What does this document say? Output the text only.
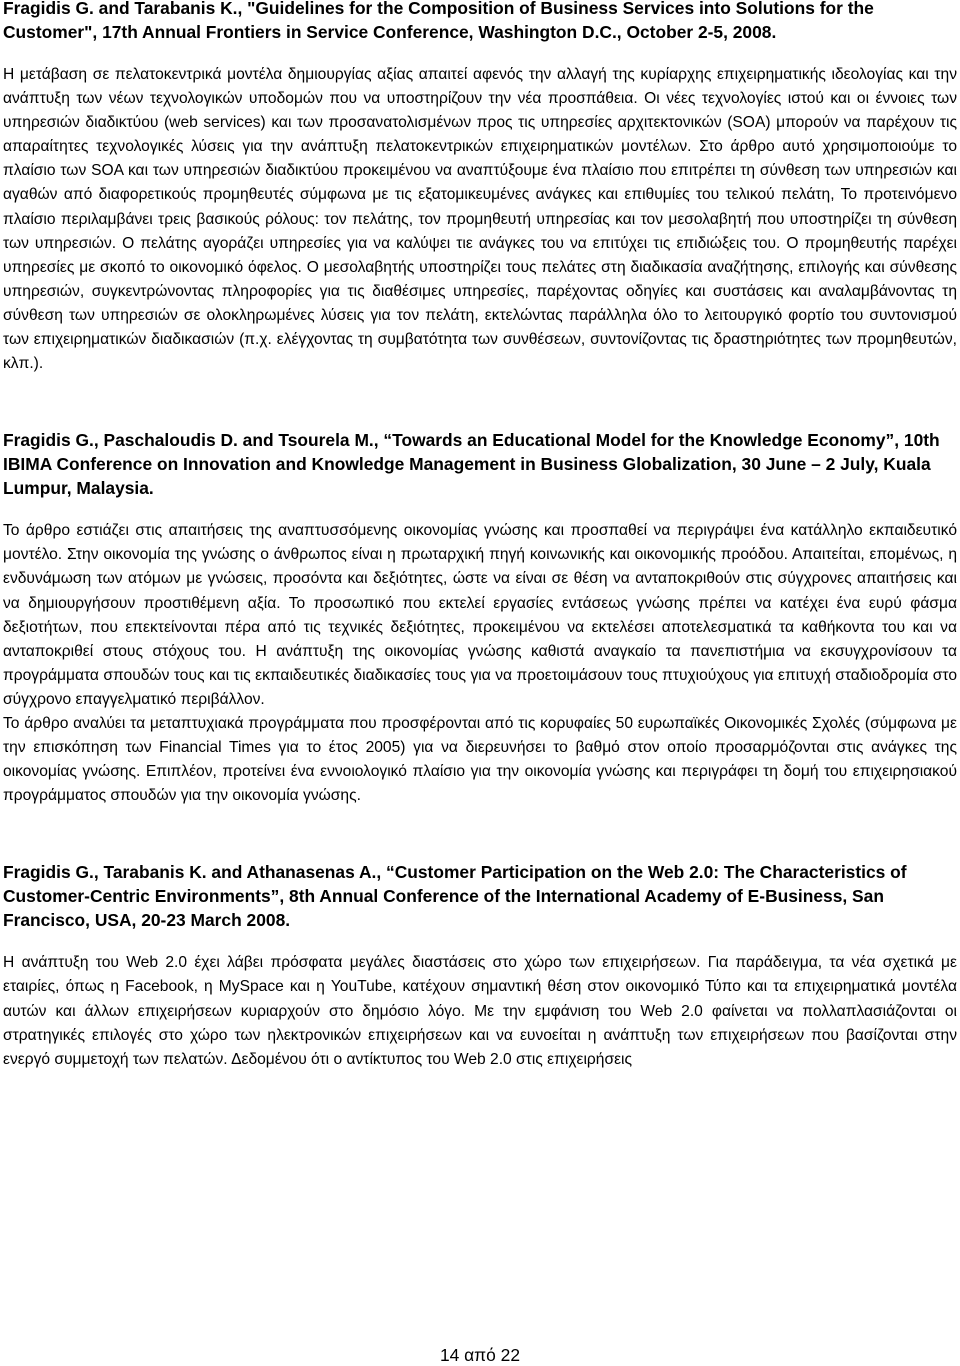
Fragidis G. and Tarabanis K., "Guidelines for the Composition of Business Services into Solutions for the Customer", 17th Annual Frontiers in Service Conference, Washington D.C., October 2-5, 2008.

Η μετάβαση σε πελατοκεντρικά μοντέλα δημιουργίας αξίας απαιτεί αφενός την αλλαγή της κυρίαρχης επιχειρηματικής ιδεολογίας και την ανάπτυξη των νέων τεχνολογικών υποδομών που να υποστηρίζουν την νέα προσπάθεια. Οι νέες τεχνολογίες ιστού και οι έννοιες των υπηρεσιών διαδικτύου (web services) και των προσανατολισμένων προς τις υπηρεσίες αρχιτεκτονικών (SOA) μπορούν να παρέχουν τις απαραίτητες τεχνολογικές λύσεις για την ανάπτυξη πελατοκεντρικών επιχειρηματικών μοντέλων. Στο άρθρο αυτό χρησιμοποιούμε το πλαίσιο των SOA και των υπηρεσιών διαδικτύου προκειμένου να αναπτύξουμε ένα πλαίσιο που επιτρέπει τη σύνθεση των υπηρεσιών και αγαθών από διαφορετικούς προμηθευτές σύμφωνα με τις εξατομικευμένες ανάγκες και επιθυμίες του τελικού πελάτη, Το προτεινόμενο πλαίσιο περιλαμβάνει τρεις βασικούς ρόλους: τον πελάτης, τον προμηθευτή υπηρεσίας και τον μεσολαβητή που υποστηρίζει τη σύνθεση των υπηρεσιών. Ο πελάτης αγοράζει υπηρεσίες για να καλύψει τιε ανάγκες του να επιτύχει τις επιδιώξεις του. Ο προμηθευτής παρέχει υπηρεσίες με σκοπό το οικονομικό όφελος. Ο μεσολαβητής υποστηρίζει τους πελάτες στη διαδικασία αναζήτησης, επιλογής και σύνθεσης υπηρεσιών, συγκεντρώνοντας πληροφορίες για τις διαθέσιμες υπηρεσίες, παρέχοντας οδηγίες και συστάσεις και αναλαμβάνοντας τη σύνθεση των υπηρεσιών σε ολοκληρωμένες λύσεις για τον πελάτη, εκτελώντας παράλληλα όλο το λειτουργικό φορτίο του συντονισμού των επιχειρηματικών διαδικασιών (π.χ. ελέγχοντας τη συμβατότητα των συνθέσεων, συντονίζοντας τις δραστηριότητες των προμηθευτών, κλπ.).

Fragidis G., Paschaloudis D. and Tsourela M., “Towards an Educational Model for the Knowledge Economy”, 10th IBIMA Conference on Innovation and Knowledge Management in Business Globalization, 30 June – 2 July, Kuala Lumpur, Malaysia.

Το άρθρο εστιάζει στις απαιτήσεις της αναπτυσσόμενης οικονομίας γνώσης και προσπαθεί να περιγράψει ένα κατάλληλο εκπαιδευτικό μοντέλο. Στην οικονομία της γνώσης ο άνθρωπος είναι η πρωταρχική πηγή κοινωνικής και οικονομικής προόδου. Απαιτείται, επομένως, η ενδυνάμωση των ατόμων με γνώσεις, προσόντα και δεξιότητες, ώστε να είναι σε θέση να ανταποκριθούν στις σύγχρονες απαιτήσεις και να δημιουργήσουν προστιθέμενη αξία. Το προσωπικό που εκτελεί εργασίες εντάσεως γνώσης πρέπει να κατέχει ένα ευρύ φάσμα δεξιοτήτων, που επεκτείνονται πέρα από τις τεχνικές δεξιότητες, προκειμένου να εκτελέσει αποτελεσματικά τα καθήκοντα του και να ανταποκριθεί στους στόχους του. Η ανάπτυξη της οικονομίας γνώσης καθιστά αναγκαίο τα πανεπιστήμια να εκσυγχρονίσουν τα προγράμματα σπουδών τους και τις εκπαιδευτικές διαδικασίες τους για να προετοιμάσουν τους πτυχιούχους για επιτυχή σταδιοδρομία στο σύγχρονο επαγγελματικό περιβάλλον.

Το άρθρο αναλύει τα μεταπτυχιακά προγράμματα που προσφέρονται από τις κορυφαίες 50 ευρωπαϊκές Οικονομικές Σχολές (σύμφωνα με την επισκόπηση των Financial Times για το έτος 2005) για να διερευνήσει το βαθμό στον οποίο προσαρμόζονται στις ανάγκες της οικονομίας γνώσης. Επιπλέον, προτείνει ένα εννοιολογικό πλαίσιο για την οικονομία γνώσης και περιγράφει τη δομή του επιχειρησιακού προγράμματος σπουδών για την οικονομία γνώσης.

Fragidis G., Tarabanis K. and Athanasenas A., “Customer Participation on the Web 2.0: The Characteristics of Customer-Centric Environments”, 8th Annual Conference of the International Academy of E-Business, San Francisco, USA, 20-23 March 2008.

Η ανάπτυξη του Web 2.0 έχει λάβει πρόσφατα μεγάλες διαστάσεις στο χώρο των επιχειρήσεων. Για παράδειγμα, τα νέα σχετικά με εταιρίες, όπως η Facebook, η MySpace και η YouTube, κατέχουν σημαντική θέση στον οικονομικό Τύπο και τα επιχειρηματικά μοντέλα αυτών και άλλων επιχειρήσεων κυριαρχούν στο δημόσιο λόγο. Με την εμφάνιση του Web 2.0 φαίνεται να πολλαπλασιάζονται οι στρατηγικές επιλογές στο χώρο των ηλεκτρονικών επιχειρήσεων και να ευνοείται η ανάπτυξη των επιχειρήσεων που βασίζονται στην ενεργό συμμετοχή των πελατών. Δεδομένου ότι ο αντίκτυπος του Web 2.0 στις επιχειρήσεις

14 από 22
